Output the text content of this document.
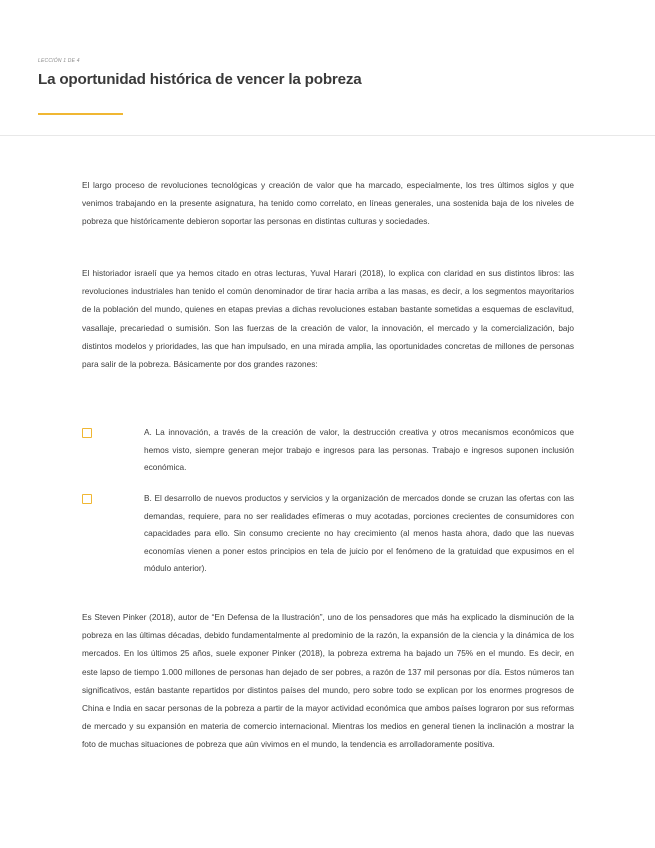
LECCIÓN 1 DE 4
La oportunidad histórica de vencer la pobreza

El largo proceso de revoluciones tecnológicas y creación de valor que ha marcado, especialmente, los tres últimos siglos y que venimos trabajando en la presente asignatura, ha tenido como correlato, en líneas generales, una sostenida baja de los niveles de pobreza que históricamente debieron soportar las personas en distintas culturas y sociedades.

El historiador israelí que ya hemos citado en otras lecturas, Yuval Harari (2018), lo explica con claridad en sus distintos libros: las revoluciones industriales han tenido el común denominador de tirar hacia arriba a las masas, es decir, a los segmentos mayoritarios de la población del mundo, quienes en etapas previas a dichas revoluciones estaban bastante sometidas a esquemas de esclavitud, vasallaje, precariedad o sumisión. Son las fuerzas de la creación de valor, la innovación, el mercado y la comercialización, bajo distintos modelos y prioridades, las que han impulsado, en una mirada amplia, las oportunidades concretas de millones de personas para salir de la pobreza. Básicamente por dos grandes razones:

A. La innovación, a través de la creación de valor, la destrucción creativa y otros mecanismos económicos que hemos visto, siempre generan mejor trabajo e ingresos para las personas. Trabajo e ingresos suponen inclusión económica.

B. El desarrollo de nuevos productos y servicios y la organización de mercados donde se cruzan las ofertas con las demandas, requiere, para no ser realidades efímeras o muy acotadas, porciones crecientes de consumidores con capacidades para ello. Sin consumo creciente no hay crecimiento (al menos hasta ahora, dado que las nuevas economías vienen a poner estos principios en tela de juicio por el fenómeno de la gratuidad que expusimos en el módulo anterior).

Es Steven Pinker (2018), autor de “En Defensa de la Ilustración”, uno de los pensadores que más ha explicado la disminución de la pobreza en las últimas décadas, debido fundamentalmente al predominio de la razón, la expansión de la ciencia y la dinámica de los mercados. En los últimos 25 años, suele exponer Pinker (2018), la pobreza extrema ha bajado un 75% en el mundo. Es decir, en este lapso de tiempo 1.000 millones de personas han dejado de ser pobres, a razón de 137 mil personas por día. Estos números tan significativos, están bastante repartidos por distintos países del mundo, pero sobre todo se explican por los enormes progresos de China e India en sacar personas de la pobreza a partir de la mayor actividad económica que ambos países lograron por sus reformas de mercado y su expansión en materia de comercio internacional. Mientras los medios en general tienen la inclinación a mostrar la foto de muchas situaciones de pobreza que aún vivimos en el mundo, la tendencia es arrolladoramente positiva.
